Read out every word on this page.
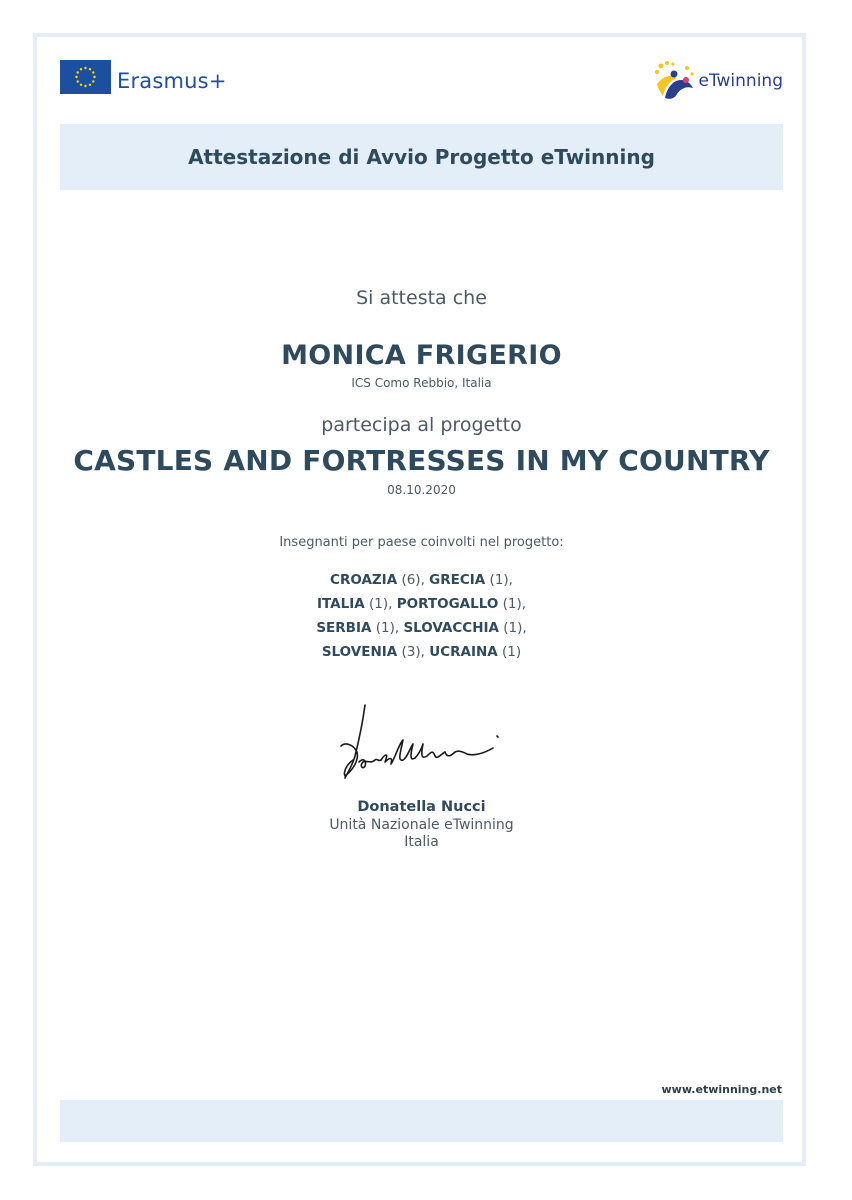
Erasmus+	eTwinning
Attestazione di Avvio Progetto eTwinning
Si attesta che
MONICA FRIGERIO
ICS Como Rebbio, Italia
partecipa al progetto
CASTLES AND FORTRESSES IN MY COUNTRY
08.10.2020
Insegnanti per paese coinvolti nel progetto:
CROAZIA (6), GRECIA (1),
ITALIA (1), PORTOGALLO (1),
SERBIA (1), SLOVACCHIA (1),
SLOVENIA (3), UCRAINA (1)
Donatella Nucci
Unità Nazionale eTwinning
Italia
www.etwinning.net
